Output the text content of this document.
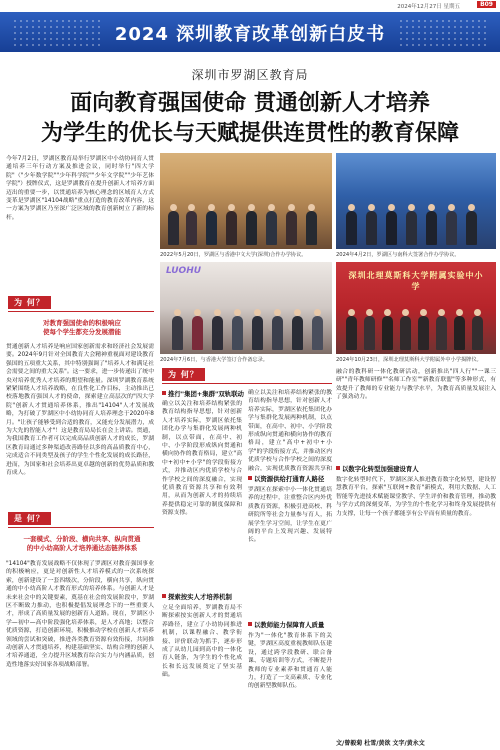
2024年12月27日 星期五	B09
2024 深圳教育改革创新白皮书
深圳市罗湖区教育局
面向教育强国使命 贯通创新人才培养
为学生的优长与天赋提供连贯性的教育保障
今年7月2日，罗湖区教育局举行罗湖区中小幼协同育人贯通培养三年行动方案及推进会议，同时举行"四大学院"（"少年数学院""少年科学院""少年文学院""少年艺体学院"）授牌仪式，这是罗湖教育在提升创新人才培养方面迈出的重要一步，以贯通培养为核心理念的区域育人方式变革是罗湖区"14104战略"重点打造的教育改革内容，这一方案为罗湖区乃至深广泛区域的教育创新树立了新的标杆。
2022年5月20日，罗湖区与香港中文大学(深圳)合作办学协议。	2024年4月2日，罗湖区与南科大签署合作办学协议。
LUOHU
2024年7月6日，与香港大学签订合作备忘录。
深圳北理莫斯科大学附属实验中小学
2024年10月23日，深圳北理莫斯科大学附属外中小学揭牌仪。
为 何？
对教育强国使命的积极响应
使每个学生都充分发展潜能
贯通创新人才培养是响应国家创新需求和经济社会发展需要。2024年9月针对全国教育大会精神重视面对建设教育强国的五项重大关系，其中特别强调了"培养人才和满足社会需要之间的重大关系"。这一要求，进一步传递出了统中央对培养优秀人才培养的期望和能量。深圳罗湖教育系统紧紧围绕人才培养战略，在良性化工作目标，主动推出已校落地教育强国人才的使命，探索建立高层次的"四大学院"创新人才贯通培养体系，推出"14104"人才发展战略，为打破了罗湖区中小幼协同育人培养理念于2020年8月。"让孩子能够受到合适的教育，又能充分发展潜力，成为大先的智能人才"！这是教育局局长在会上讲话。贯通，为我国教育工作者可以完成高品质创新人才的成长，罗湖区教育局通过多种渠道改善路径以多的高品质教育中心，完成适合不同类型及孩子的学生个性化发展的成长路径，进而，为国家和社会培养出更卓越的创新的优势品质和教育成人。
是 何？
一套模式、分阶段、横向共享、纵向贯通
的中小幼高阶人才培养通达态链养体系
"14104"教育发展战略不仅体现了罗湖区对教育强国事业的积极响应，更是对创新性人才培养模式的一次系统探索，创新建设了一套四级次，分阶段，横向共享，纵向贯通的中小幼高阶人才教育形式的培养体系。与创新人才是未来社会中的关键要素，奠基在社会的发展阶段中，罗湖区不断致力推动，也积极提倡发展理念下的一些重要人才，形成了高质量发展的创新育人道路。现在，罗湖区小学—初中—高中阶段强化培养体系，是人才高地；以整合优质资源，打造创新环境，积极推动学校在创新人才培养领域的尝试和突破，推进各类教育资源有效衔接，共同推动创新人才贯通培养，构建基础坚实、结构合理的创新人才培养通道，全力提升区域教育综合实力与内涵品质，创造性地落实好国家各项战略部署。
为 何？
推行"集团+集群"双轨联动
确立以关注和培养结构紧张的教育结构指导思想，针对创新人才培养实际，罗湖区依托集团化办学与集群化发展两种机制，以点带面，在高中、初中、小学阶段形成纵向贯通和横向协作的教育格局，建立"高中+初中+小学"的学段衔接方式，并推动区内优质学校与合作学校之间的深度融合，实现优质教育资源共享和有效利用，从而为创新人才的持续培养提供稳定可靠的制度保障和资源支撑。
探索按实人才培养机制
立足全面培养，罗湖教育局不断探索按实创新人才的贯通培养路径，建立了小幼协同推进机制，以课程融合、教学衔接、评价联动为抓手，逐步形成了从幼儿园到高中的一体化育人链条，为学生的个性化成长和长远发展奠定了坚实基础。
确立以关注和培养结构紧张的教育结构指导思想，针对创新人才培养实际，罗湖区依托集团化办学与集群化发展两种机制，以点带面，在高中、初中、小学阶段形成纵向贯通和横向协作的教育格局，建立"高中+初中+小学"的学段衔接方式，并推动区内优质学校与合作学校之间的深度融合，实现优质教育资源共享和
以资源供给打通育人路径
罗湖区在探索中小一体化贯通培养的过程中，注重整合区内外优质教育资源，积极引进高校、科研院所等社会力量参与育人，拓展学生学习空间，让学生在更广阔的平台上发现兴趣、发展特长。
以教师能力保障育人质量
作为"一体化"教育体系下的关键，罗湖区高度重视教师队伍建设，通过跨学段教研、联合备课、专题培训等方式，不断提升教师的专业素养和贯通育人能力，打造了一支高素质、专业化的创新型教师队伍。
融合的教科研一体化教研活动，创新推出"四人行""一课三研""青年教师研修""名师工作室""新教育联盟"等多种形式，有效提升了教师的专业能力与教学水平，为教育高质量发展注入了强劲动力。
以数字化转型加强建设育人
数字化转型时代下，罗湖区深入推进教育数字化转型，建设智慧教育平台，探索"互联网+教育"新模式，利用大数据、人工智能等先进技术赋能课堂教学、学生评价和教育管理，推动教与学方式的深刻变革，为学生的个性化学习和终身发展提供有力支撑，让每一个孩子都能享有公平而有质量的教育。
文/曾毅菊 杜雪/黄欲 文字/黄永文
